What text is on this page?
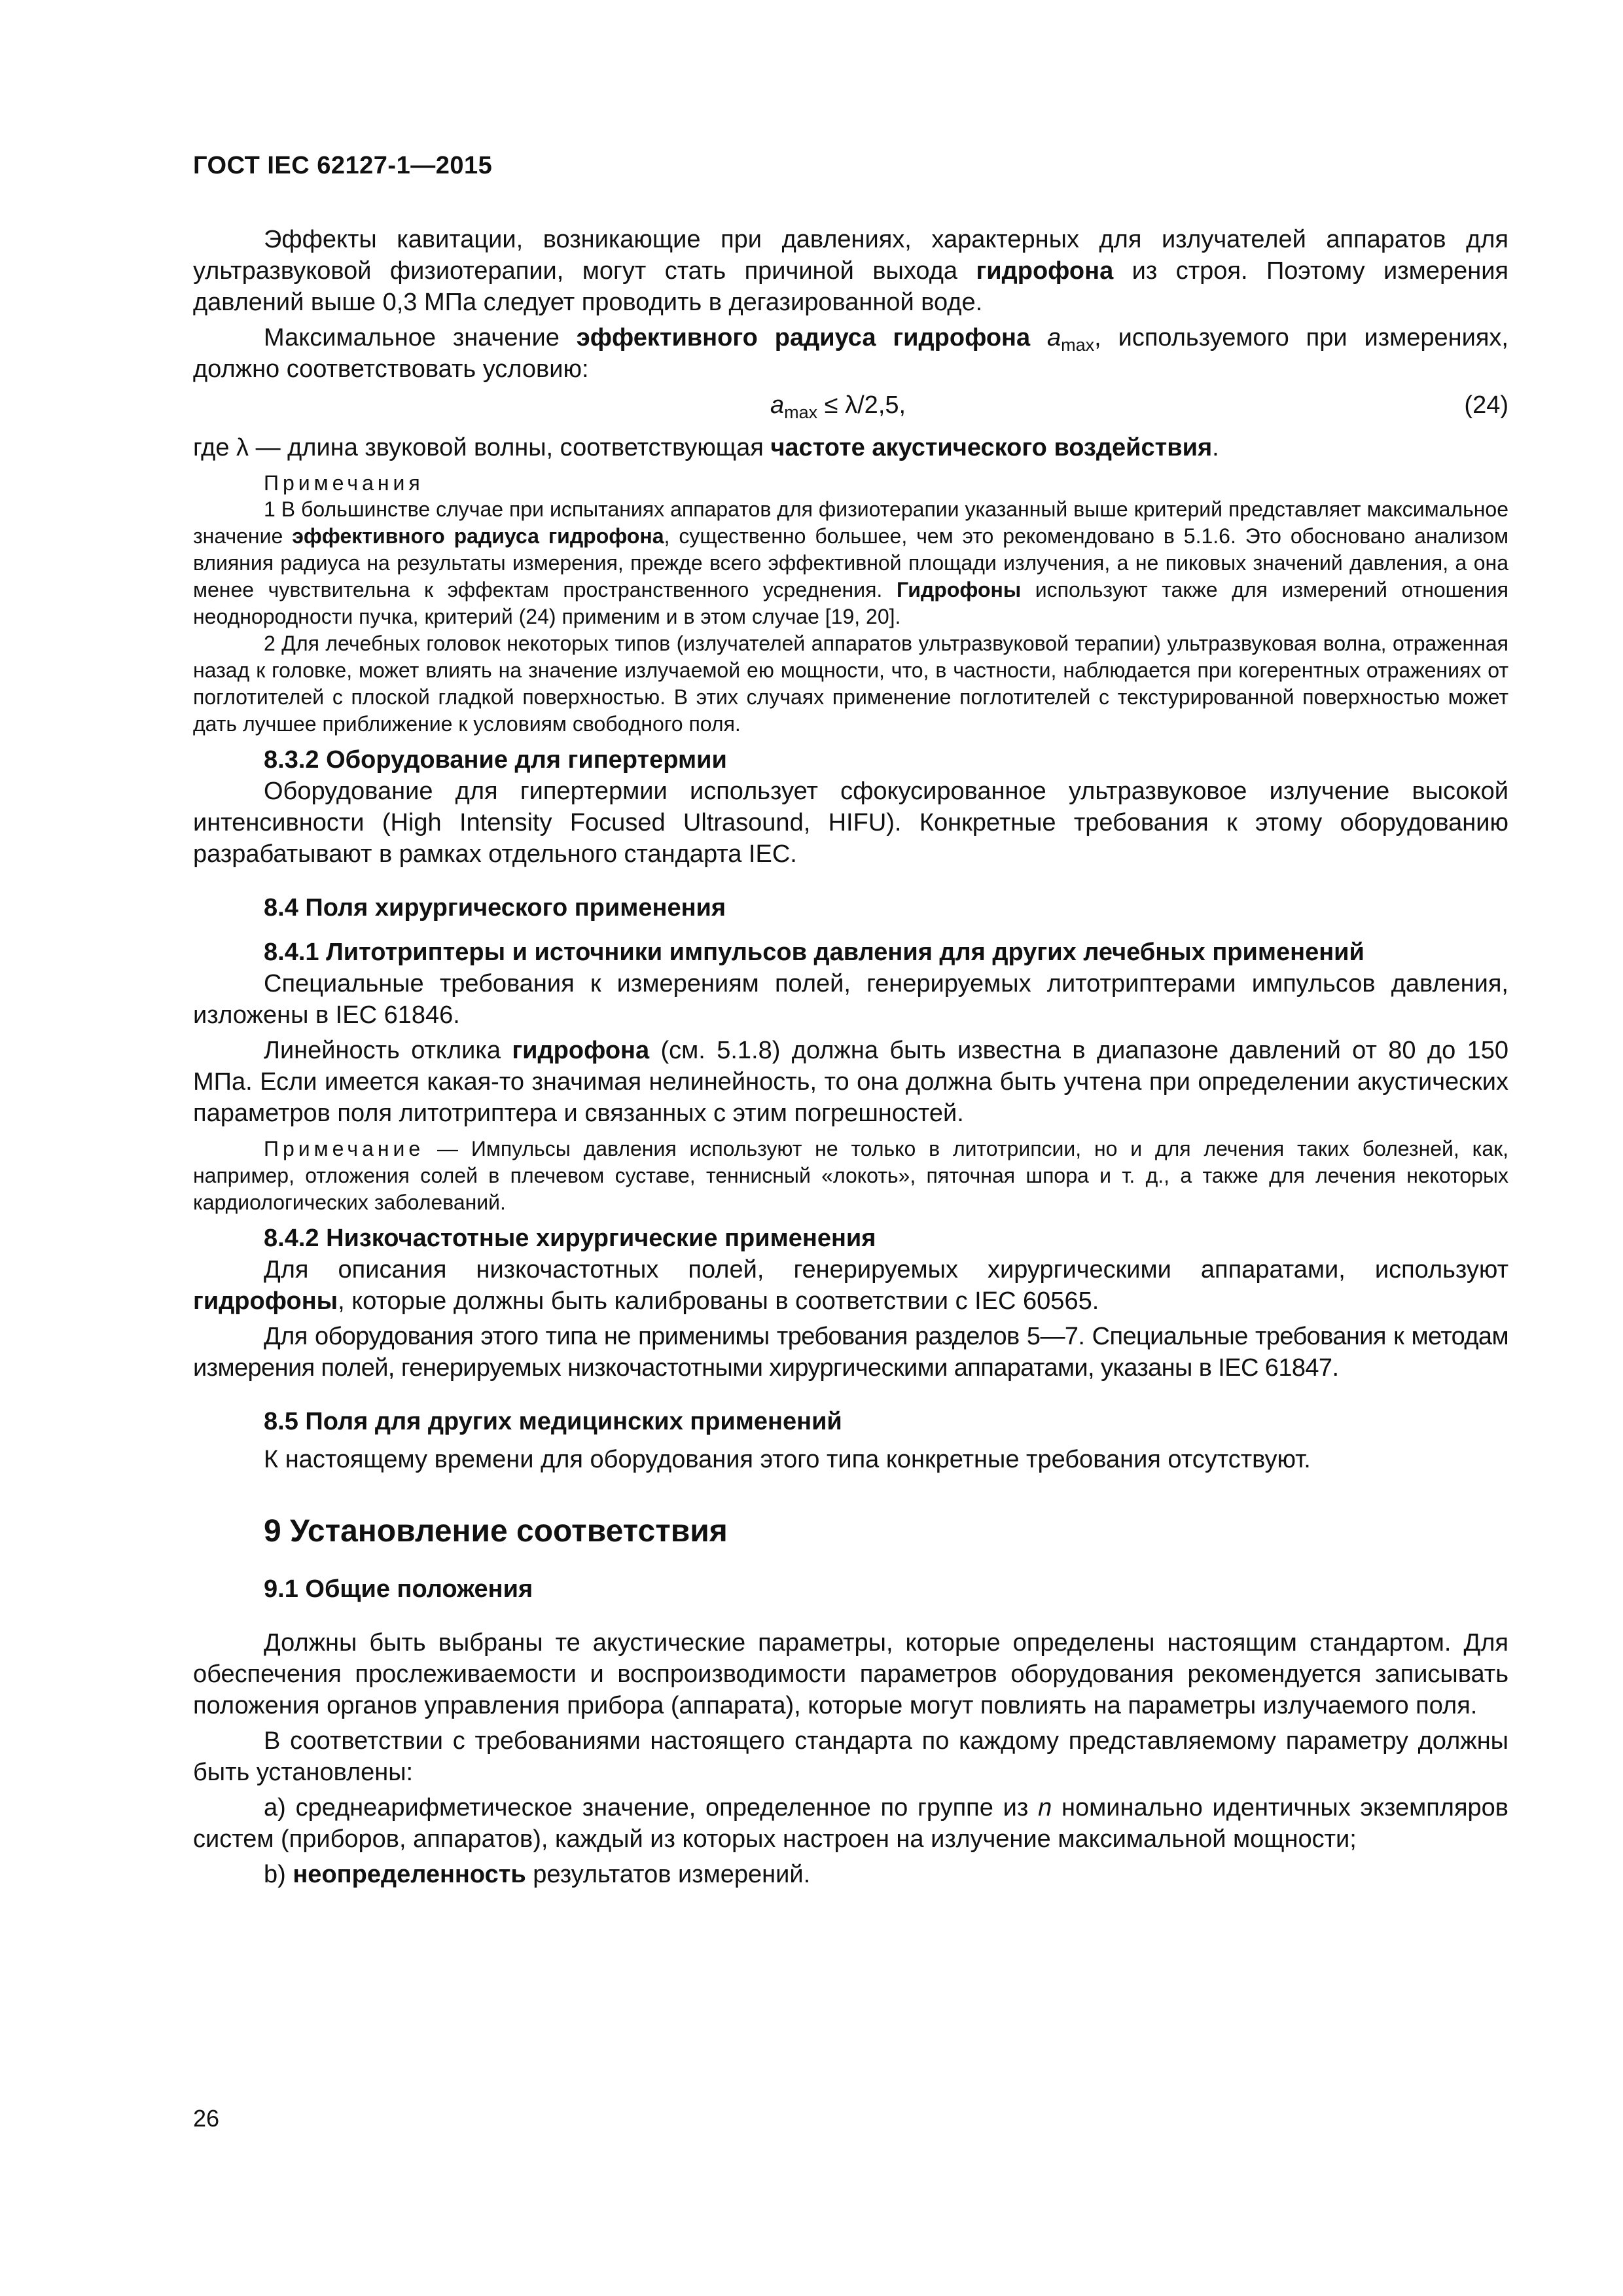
ГОСТ IEC 62127-1—2015

Эффекты кавитации, возникающие при давлениях, характерных для излучателей аппаратов для ультразвуковой физиотерапии, могут стать причиной выхода гидрофона из строя. Поэтому измерения давлений выше 0,3 МПа следует проводить в дегазированной воде.

Максимальное значение эффективного радиуса гидрофона $a_{max}$, используемого при измерениях, должно соответствовать условию:

$a_{max} \le \lambda/2,5$,	(24)

где λ — длина звуковой волны, соответствующая частоте акустического воздействия.

Примечания

1 В большинстве случае при испытаниях аппаратов для физиотерапии указанный выше критерий представляет максимальное значение эффективного радиуса гидрофона, существенно большее, чем это рекомендовано в 5.1.6. Это обосновано анализом влияния радиуса на результаты измерения, прежде всего эффективной площади излучения, а не пиковых значений давления, а она менее чувствительна к эффектам пространственного усреднения. Гидрофоны используют также для измерений отношения неоднородности пучка, критерий (24) применим и в этом случае [19, 20].

2 Для лечебных головок некоторых типов (излучателей аппаратов ультразвуковой терапии) ультразвуковая волна, отраженная назад к головке, может влиять на значение излучаемой ею мощности, что, в частности, наблюдается при когерентных отражениях от поглотителей с плоской гладкой поверхностью. В этих случаях применение поглотителей с текстурированной поверхностью может дать лучшее приближение к условиям свободного поля.

8.3.2 Оборудование для гипертермии

Оборудование для гипертермии использует сфокусированное ультразвуковое излучение высокой интенсивности (High Intensity Focused Ultrasound, HIFU). Конкретные требования к этому оборудованию разрабатывают в рамках отдельного стандарта IEC.

8.4 Поля хирургического применения

8.4.1 Литотриптеры и источники импульсов давления для других лечебных применений

Специальные требования к измерениям полей, генерируемых литотриптерами импульсов давления, изложены в IEC 61846.

Линейность отклика гидрофона (см. 5.1.8) должна быть известна в диапазоне давлений от 80 до 150 МПа. Если имеется какая-то значимая нелинейность, то она должна быть учтена при определении акустических параметров поля литотриптера и связанных с этим погрешностей.

Примечание — Импульсы давления используют не только в литотрипсии, но и для лечения таких болезней, как, например, отложения солей в плечевом суставе, теннисный «локоть», пяточная шпора и т. д., а также для лечения некоторых кардиологических заболеваний.

8.4.2 Низкочастотные хирургические применения

Для описания низкочастотных полей, генерируемых хирургическими аппаратами, используют гидрофоны, которые должны быть калиброваны в соответствии с IEC 60565.

Для оборудования этого типа не применимы требования разделов 5—7. Специальные требования к методам измерения полей, генерируемых низкочастотными хирургическими аппаратами, указаны в IEC 61847.

8.5 Поля для других медицинских применений

К настоящему времени для оборудования этого типа конкретные требования отсутствуют.

9 Установление соответствия

9.1 Общие положения

Должны быть выбраны те акустические параметры, которые определены настоящим стандартом. Для обеспечения прослеживаемости и воспроизводимости параметров оборудования рекомендуется записывать положения органов управления прибора (аппарата), которые могут повлиять на параметры излучаемого поля.

В соответствии с требованиями настоящего стандарта по каждому представляемому параметру должны быть установлены:

а) среднеарифметическое значение, определенное по группе из n номинально идентичных экземпляров систем (приборов, аппаратов), каждый из которых настроен на излучение максимальной мощности;

b) неопределенность результатов измерений.

26
